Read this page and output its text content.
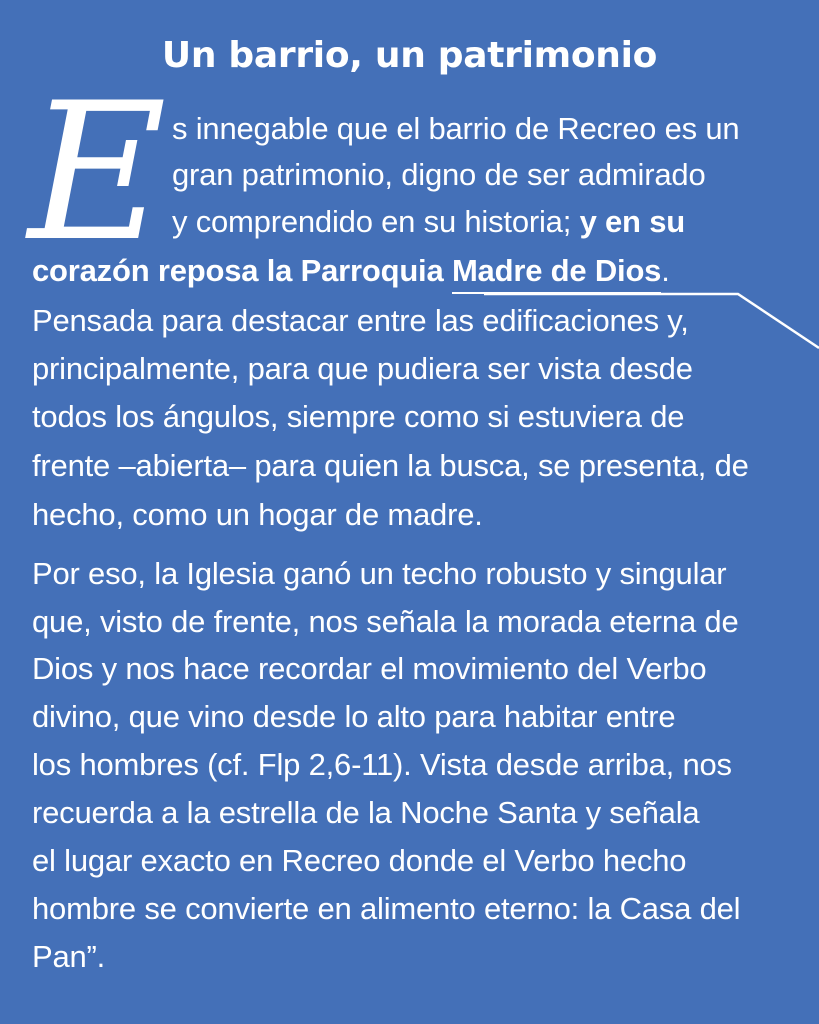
Un barrio, un patrimonio
E s innegable que el barrio de Recreo es un
gran patrimonio, digno de ser admirado
y comprendido en su historia; y en su
corazón reposa la Parroquia Madre de Dios.
Pensada para destacar entre las edificaciones y,
principalmente, para que pudiera ser vista desde
todos los ángulos, siempre como si estuviera de
frente –abierta– para quien la busca, se presenta, de
hecho, como un hogar de madre.
Por eso, la Iglesia ganó un techo robusto y singular
que, visto de frente, nos señala la morada eterna de
Dios y nos hace recordar el movimiento del Verbo
divino, que vino desde lo alto para habitar entre
los hombres (cf. Flp 2,6-11). Vista desde arriba, nos
recuerda a la estrella de la Noche Santa y señala
el lugar exacto en Recreo donde el Verbo hecho
hombre se convierte en alimento eterno: la Casa del
Pan”.
